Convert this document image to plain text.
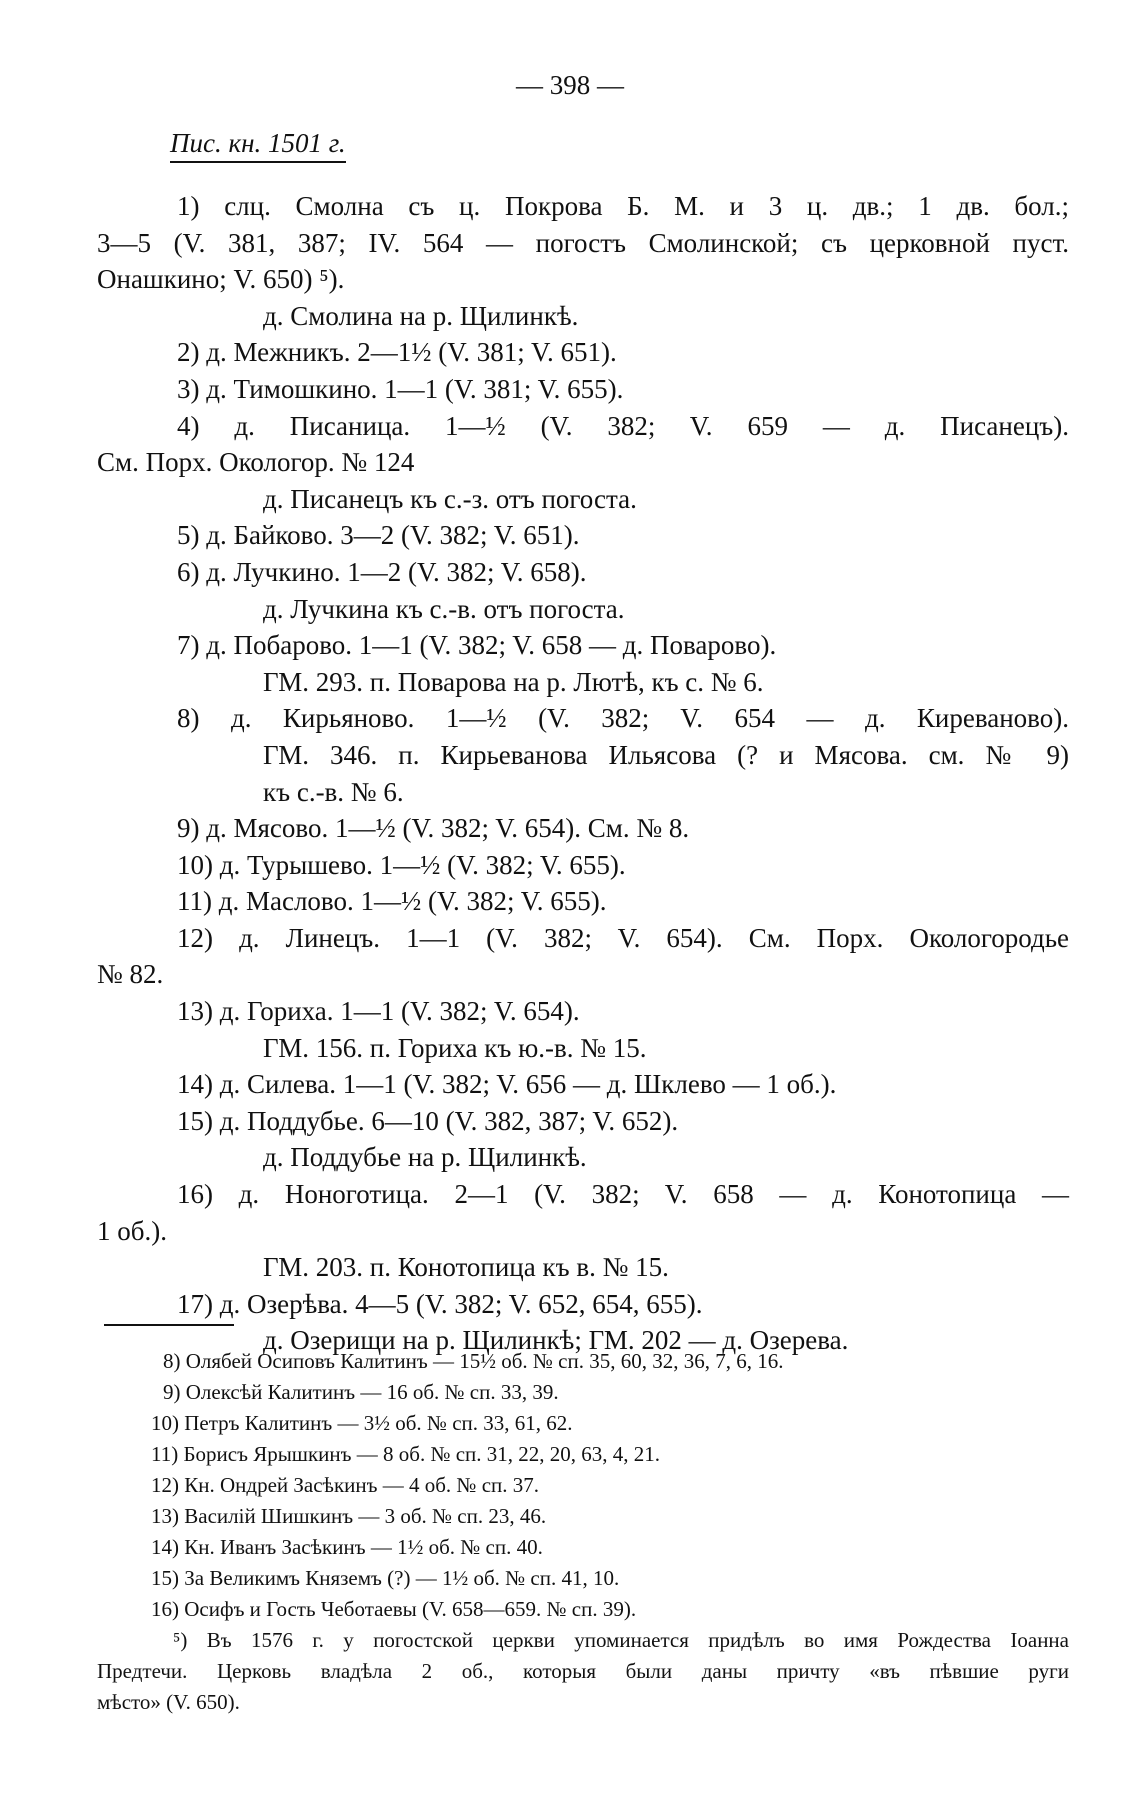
— 398 —
Пис. кн. 1501 г.
1) слц. Смолна съ ц. Покрова Б. М. и 3 ц. дв.; 1 дв. бол.;
3—5 (V. 381, 387; IV. 564 — погостъ Смолинской; съ церковной пуст.
Онашкино; V. 650) ⁵).
д. Смолина на р. Щилинкѣ.
2) д. Межникъ. 2—1½ (V. 381; V. 651).
3) д. Тимошкино. 1—1 (V. 381; V. 655).
4) д. Писаница. 1—½ (V. 382; V. 659 — д. Писанецъ).
См. Порх. Окологор. № 124
д. Писанецъ къ с.-з. отъ погоста.
5) д. Байково. 3—2 (V. 382; V. 651).
6) д. Лучкино. 1—2 (V. 382; V. 658).
д. Лучкина къ с.-в. отъ погоста.
7) д. Побарово. 1—1 (V. 382; V. 658 — д. Поварово).
ГМ. 293. п. Поварова на р. Лютѣ, къ с. № 6.
8) д. Кирьяново. 1—½ (V. 382; V. 654 — д. Киреваново).
ГМ. 346. п. Кирьеванова Ильясова (? и Мясова. см. № 9)
къ с.-в. № 6.
9) д. Мясово. 1—½ (V. 382; V. 654). См. № 8.
10) д. Турышево. 1—½ (V. 382; V. 655).
11) д. Маслово. 1—½ (V. 382; V. 655).
12) д. Линецъ. 1—1 (V. 382; V. 654). См. Порх. Окологородье
№ 82.
13) д. Гориха. 1—1 (V. 382; V. 654).
ГМ. 156. п. Гориха къ ю.-в. № 15.
14) д. Силева. 1—1 (V. 382; V. 656 — д. Шклево — 1 об.).
15) д. Поддубье. 6—10 (V. 382, 387; V. 652).
д. Поддубье на р. Щилинкѣ.
16) д. Ноноготица. 2—1 (V. 382; V. 658 — д. Конотопица —
1 об.).
ГМ. 203. п. Конотопица къ в. № 15.
17) д. Озерѣва. 4—5 (V. 382; V. 652, 654, 655).
д. Озерищи на р. Щилинкѣ; ГМ. 202 — д. Озерева.
8) Олябей Осиповъ Калитинъ — 15½ об. № сп. 35, 60, 32, 36, 7, 6, 16.
9) Олексѣй Калитинъ — 16 об. № сп. 33, 39.
10) Петръ Калитинъ — 3½ об. № сп. 33, 61, 62.
11) Борисъ Ярышкинъ — 8 об. № сп. 31, 22, 20, 63, 4, 21.
12) Кн. Ондрей Засѣкинъ — 4 об. № сп. 37.
13) Василій Шишкинъ — 3 об. № сп. 23, 46.
14) Кн. Иванъ Засѣкинъ — 1½ об. № сп. 40.
15) За Великимъ Княземъ (?) — 1½ об. № сп. 41, 10.
16) Осифъ и Гость Чеботаевы (V. 658—659. № сп. 39).
⁵) Въ 1576 г. у погостской церкви упоминается придѣлъ во имя Рождества Іоанна
Предтечи. Церковь владѣла 2 об., которыя были даны причту «въ пѣвшие руги
мѣсто» (V. 650).
